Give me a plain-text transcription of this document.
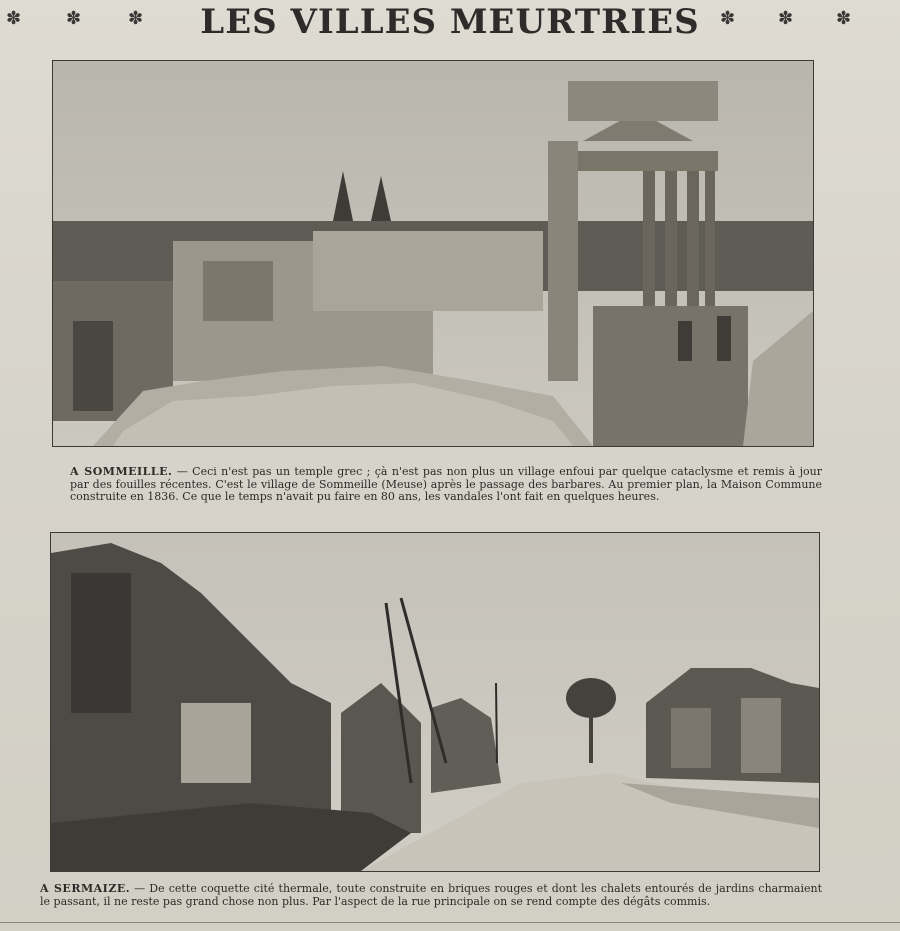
✽ ✽	✽	LES VILLES MEURTRIES	✽ ✽ ✽
A SOMMEILLE. — Ceci n'est pas un temple grec ; çà n'est pas non plus un village enfoui par quelque cataclysme et remis à jour par des fouilles récentes. C'est le village de Sommeille (Meuse) après le passage des barbares. Au premier plan, la Maison Commune construite en 1836. Ce que le temps n'avait pu faire en 80 ans, les vandales l'ont fait en quelques heures.
A SERMAIZE. — De cette coquette cité thermale, toute construite en briques rouges et dont les chalets entourés de jardins charmaient le passant, il ne reste pas grand chose non plus. Par l'aspect de la rue principale on se rend compte des dégâts commis.
